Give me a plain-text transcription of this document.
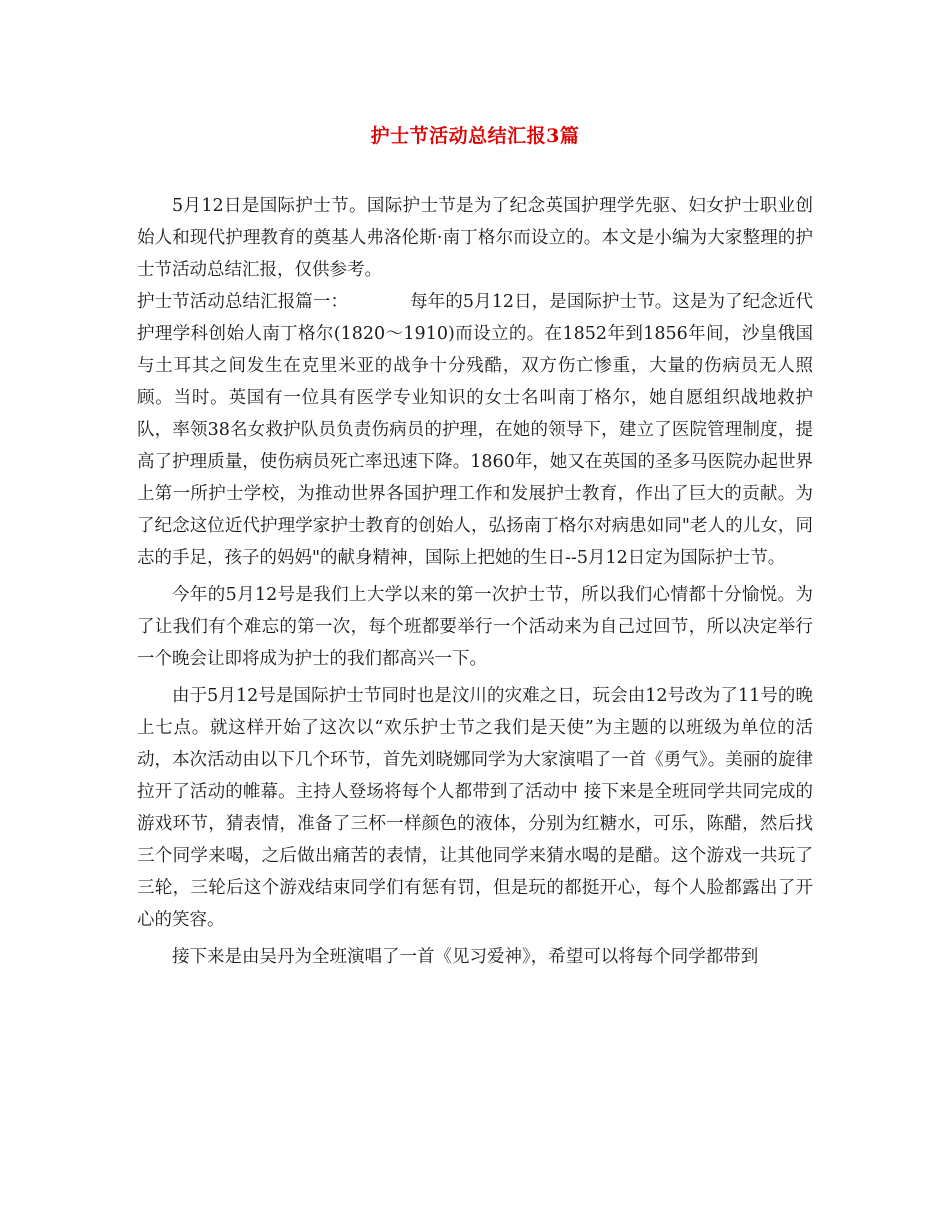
护士节活动总结汇报3篇

5月12日是国际护士节。国际护士节是为了纪念英国护理学先驱、妇女护士职业创始人和现代护理教育的奠基人弗洛伦斯·南丁格尔而设立的。本文是小编为大家整理的护士节活动总结汇报，仅供参考。

护士节活动总结汇报篇一：	每年的5月12日，是国际护士节。这是为了纪念近代护理学科创始人南丁格尔(1820～1910)而设立的。在1852年到1856年间，沙皇俄国与土耳其之间发生在克里米亚的战争十分残酷，双方伤亡惨重，大量的伤病员无人照顾。当时。英国有一位具有医学专业知识的女士名叫南丁格尔，她自愿组织战地救护队，率领38名女救护队员负责伤病员的护理，在她的领导下，建立了医院管理制度，提高了护理质量，使伤病员死亡率迅速下降。1860年，她又在英国的圣多马医院办起世界上第一所护士学校，为推动世界各国护理工作和发展护士教育，作出了巨大的贡献。为了纪念这位近代护理学家护士教育的创始人，弘扬南丁格尔对病患如同"老人的儿女，同志的手足，孩子的妈妈"的献身精神，国际上把她的生日--5月12日定为国际护士节。

今年的5月12号是我们上大学以来的第一次护士节，所以我们心情都十分愉悦。为了让我们有个难忘的第一次，每个班都要举行一个活动来为自己过回节，所以决定举行一个晚会让即将成为护士的我们都高兴一下。

由于5月12号是国际护士节同时也是汶川的灾难之日，玩会由12号改为了11号的晚上七点。就这样开始了这次以“欢乐护士节之我们是天使”为主题的以班级为单位的活动，本次活动由以下几个环节，首先刘晓娜同学为大家演唱了一首《勇气》。美丽的旋律拉开了活动的帷幕。主持人登场将每个人都带到了活动中 接下来是全班同学共同完成的游戏环节，猜表情，准备了三杯一样颜色的液体，分别为红糖水，可乐，陈醋，然后找三个同学来喝，之后做出痛苦的表情，让其他同学来猜水喝的是醋。这个游戏一共玩了三轮，三轮后这个游戏结束同学们有惩有罚，但是玩的都挺开心，每个人脸都露出了开心的笑容。

接下来是由吴丹为全班演唱了一首《见习爱神》，希望可以将每个同学都带到
